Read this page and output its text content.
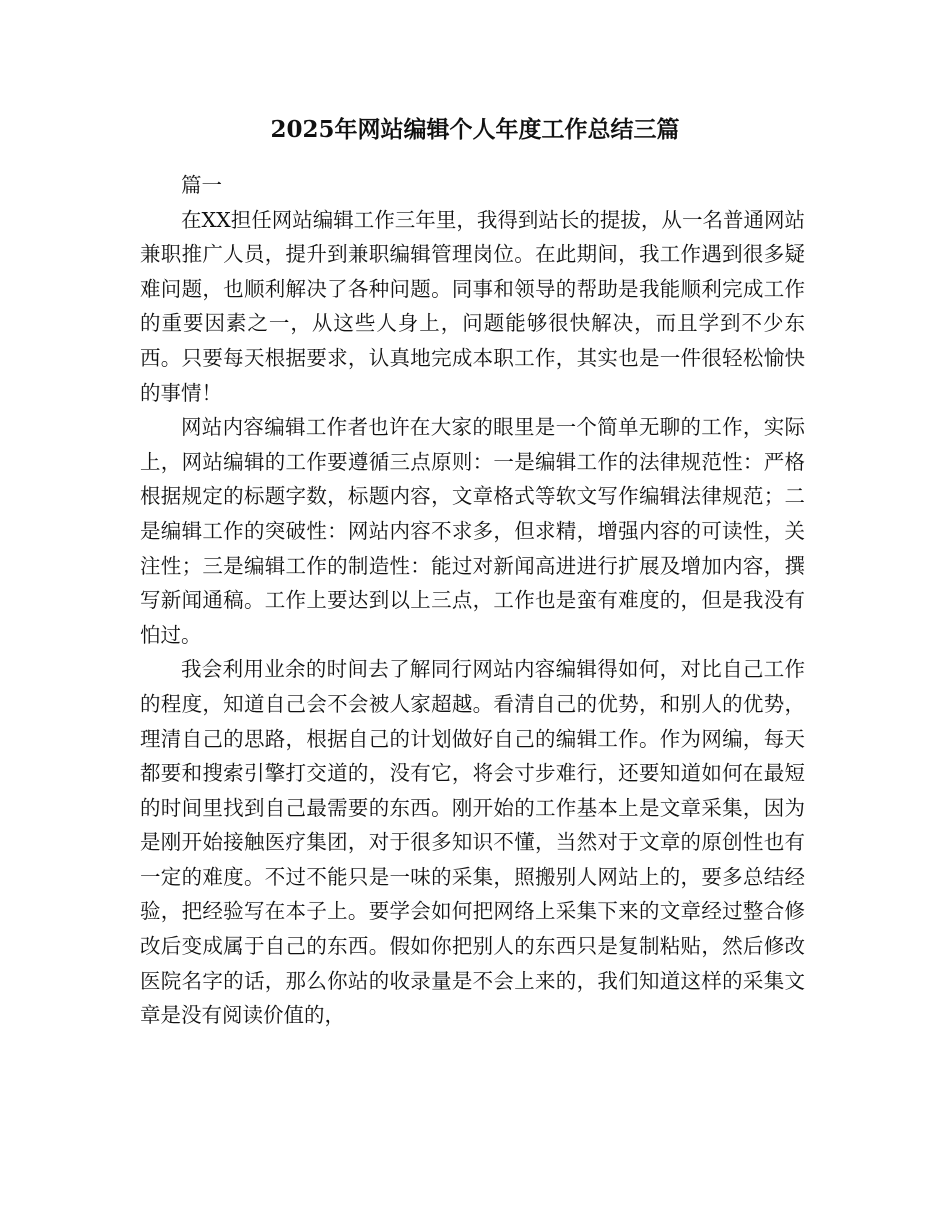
2025年网站编辑个人年度工作总结三篇

篇一

在XX担任网站编辑工作三年里，我得到站长的提拔，从一名普通网站兼职推广人员，提升到兼职编辑管理岗位。在此期间，我工作遇到很多疑难问题，也顺利解决了各种问题。同事和领导的帮助是我能顺利完成工作的重要因素之一，从这些人身上，问题能够很快解决，而且学到不少东西。只要每天根据要求，认真地完成本职工作，其实也是一件很轻松愉快的事情！

网站内容编辑工作者也许在大家的眼里是一个简单无聊的工作，实际上，网站编辑的工作要遵循三点原则：一是编辑工作的法律规范性：严格根据规定的标题字数，标题内容，文章格式等软文写作编辑法律规范；二是编辑工作的突破性：网站内容不求多，但求精，增强内容的可读性，关注性；三是编辑工作的制造性：能过对新闻高进进行扩展及增加内容，撰写新闻通稿。工作上要达到以上三点，工作也是蛮有难度的，但是我没有怕过。

我会利用业余的时间去了解同行网站内容编辑得如何，对比自己工作的程度，知道自己会不会被人家超越。看清自己的优势，和别人的优势，理清自己的思路，根据自己的计划做好自己的编辑工作。作为网编，每天都要和搜索引擎打交道的，没有它，将会寸步难行，还要知道如何在最短的时间里找到自己最需要的东西。刚开始的工作基本上是文章采集，因为是刚开始接触医疗集团，对于很多知识不懂，当然对于文章的原创性也有一定的难度。不过不能只是一味的采集，照搬别人网站上的，要多总结经验，把经验写在本子上。要学会如何把网络上采集下来的文章经过整合修改后变成属于自己的东西。假如你把别人的东西只是复制粘贴，然后修改医院名字的话，那么你站的收录量是不会上来的，我们知道这样的采集文章是没有阅读价值的，
